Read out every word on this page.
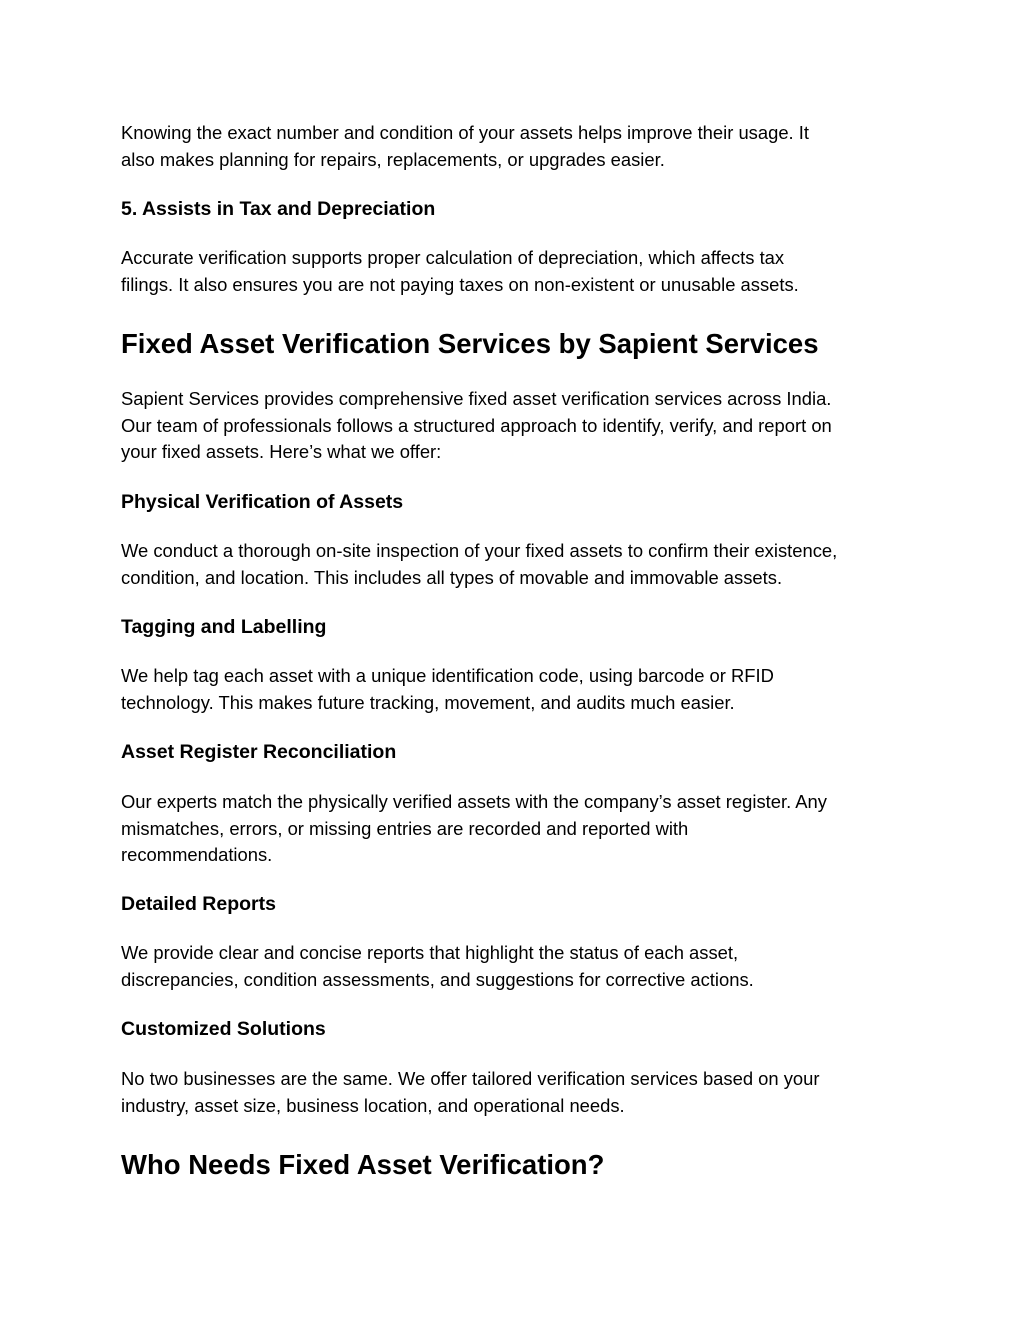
Knowing the exact number and condition of your assets helps improve their usage. It
also makes planning for repairs, replacements, or upgrades easier.
5. Assists in Tax and Depreciation
Accurate verification supports proper calculation of depreciation, which affects tax
filings. It also ensures you are not paying taxes on non-existent or unusable assets.
Fixed Asset Verification Services by Sapient Services
Sapient Services provides comprehensive fixed asset verification services across India.
Our team of professionals follows a structured approach to identify, verify, and report on
your fixed assets. Here’s what we offer:
Physical Verification of Assets
We conduct a thorough on-site inspection of your fixed assets to confirm their existence,
condition, and location. This includes all types of movable and immovable assets.
Tagging and Labelling
We help tag each asset with a unique identification code, using barcode or RFID
technology. This makes future tracking, movement, and audits much easier.
Asset Register Reconciliation
Our experts match the physically verified assets with the company’s asset register. Any
mismatches, errors, or missing entries are recorded and reported with
recommendations.
Detailed Reports
We provide clear and concise reports that highlight the status of each asset,
discrepancies, condition assessments, and suggestions for corrective actions.
Customized Solutions
No two businesses are the same. We offer tailored verification services based on your
industry, asset size, business location, and operational needs.
Who Needs Fixed Asset Verification?
